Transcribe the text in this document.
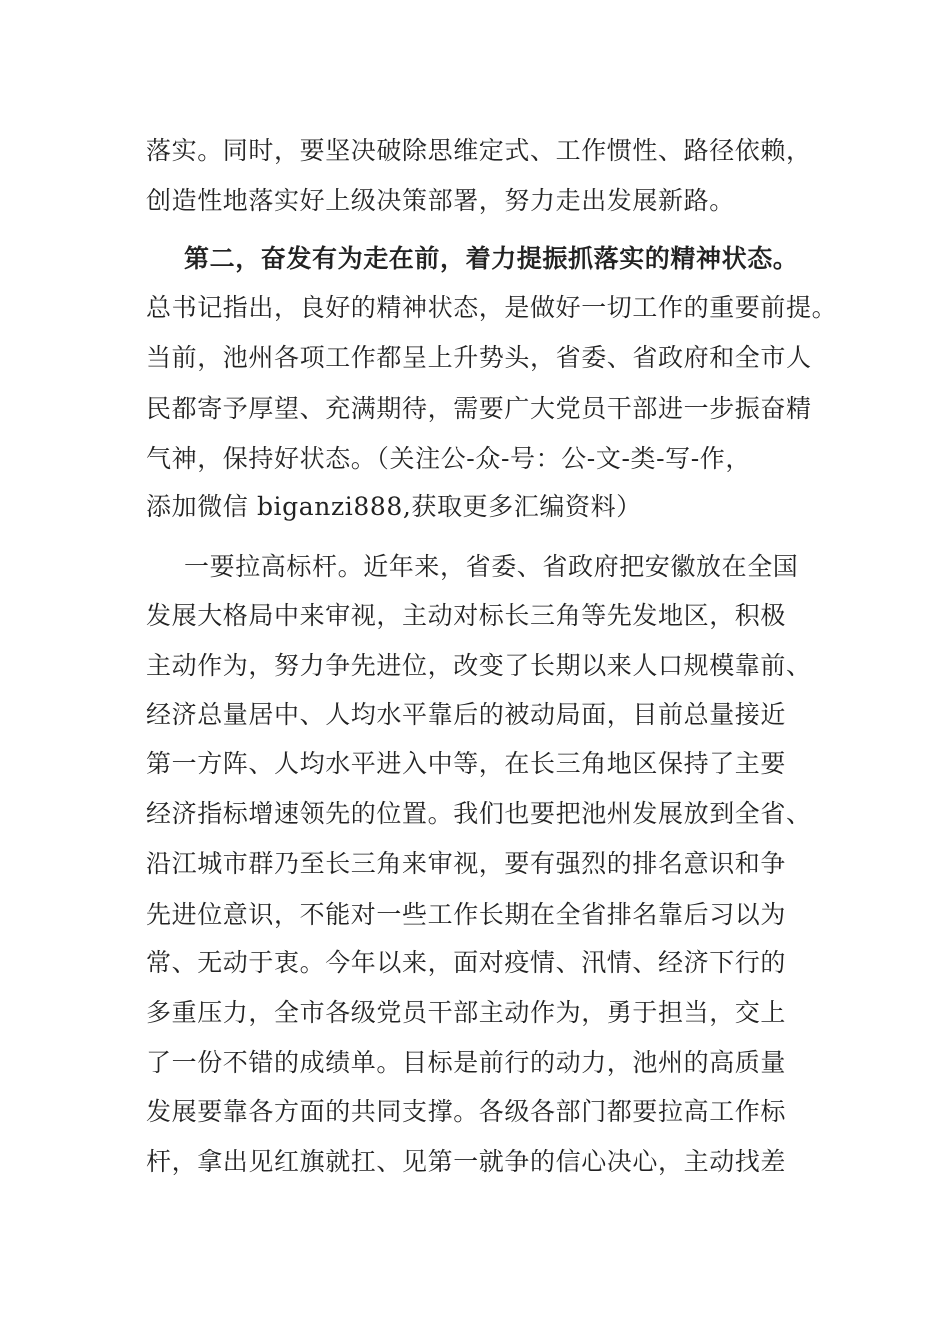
落实。同时，要坚决破除思维定式、工作惯性、路径依赖，
创造性地落实好上级决策部署，努力走出发展新路。
第二，奋发有为走在前，着力提振抓落实的精神状态。
总书记指出，良好的精神状态，是做好一切工作的重要前提。
当前，池州各项工作都呈上升势头，省委、省政府和全市人
民都寄予厚望、充满期待，需要广大党员干部进一步振奋精
气神，保持好状态。（关注公-众-号：公-文-类-写-作，
添加微信 biganzi888,获取更多汇编资料）
一要拉高标杆。近年来，省委、省政府把安徽放在全国
发展大格局中来审视，主动对标长三角等先发地区，积极
主动作为，努力争先进位，改变了长期以来人口规模靠前、
经济总量居中、人均水平靠后的被动局面，目前总量接近
第一方阵、人均水平进入中等，在长三角地区保持了主要
经济指标增速领先的位置。我们也要把池州发展放到全省、
沿江城市群乃至长三角来审视，要有强烈的排名意识和争
先进位意识，不能对一些工作长期在全省排名靠后习以为
常、无动于衷。今年以来，面对疫情、汛情、经济下行的
多重压力，全市各级党员干部主动作为，勇于担当，交上
了一份不错的成绩单。目标是前行的动力，池州的高质量
发展要靠各方面的共同支撑。各级各部门都要拉高工作标
杆，拿出见红旗就扛、见第一就争的信心决心，主动找差
